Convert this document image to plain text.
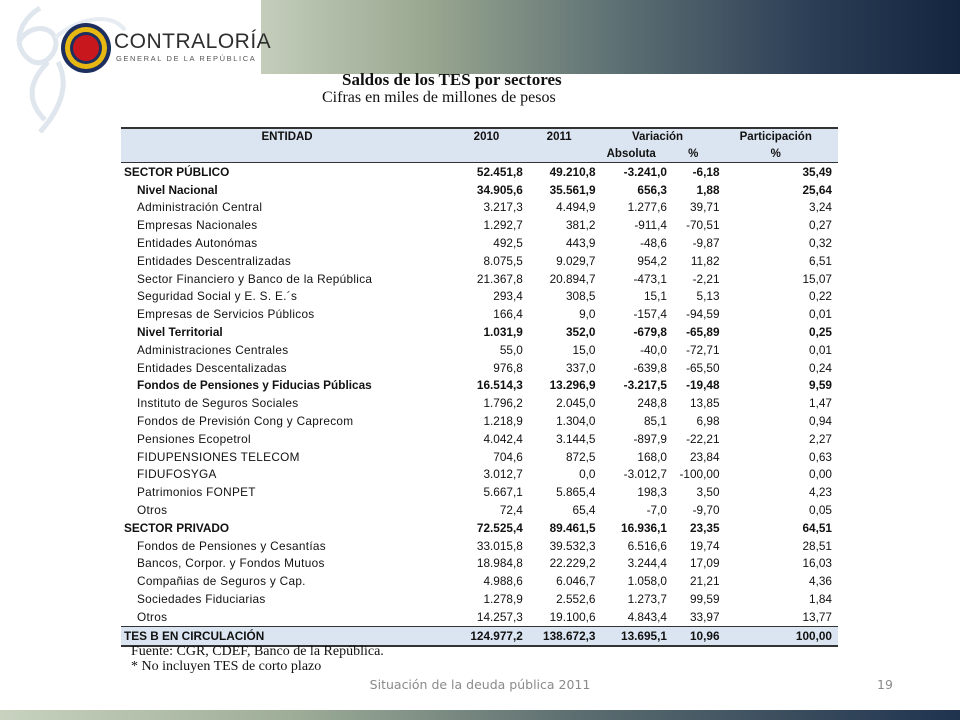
CONTRALORÍA
GENERAL DE LA REPÚBLICA
Saldos de los TES por sectores
Cifras en miles de millones de pesos
ENTIDAD	2010	2011	Variación		Participación
			Absoluta	%	%
SECTOR PÚBLICO	52.451,8	49.210,8	-3.241,0	-6,18	35,49
Nivel Nacional	34.905,6	35.561,9	656,3	1,88	25,64
Administración Central	3.217,3	4.494,9	1.277,6	39,71	3,24
Empresas Nacionales	1.292,7	381,2	-911,4	-70,51	0,27
Entidades Autonómas	492,5	443,9	-48,6	-9,87	0,32
Entidades Descentralizadas	8.075,5	9.029,7	954,2	11,82	6,51
Sector Financiero y Banco de la República	21.367,8	20.894,7	-473,1	-2,21	15,07
Seguridad Social y E. S. E.´s	293,4	308,5	15,1	5,13	0,22
Empresas de Servicios Públicos	166,4	9,0	-157,4	-94,59	0,01
Nivel Territorial	1.031,9	352,0	-679,8	-65,89	0,25
Administraciones Centrales	55,0	15,0	-40,0	-72,71	0,01
Entidades Descentalizadas	976,8	337,0	-639,8	-65,50	0,24
Fondos de Pensiones y Fiducias Públicas	16.514,3	13.296,9	-3.217,5	-19,48	9,59
Instituto de Seguros Sociales	1.796,2	2.045,0	248,8	13,85	1,47
Fondos de Previsión Cong y Caprecom	1.218,9	1.304,0	85,1	6,98	0,94
Pensiones Ecopetrol	4.042,4	3.144,5	-897,9	-22,21	2,27
FIDUPENSIONES TELECOM	704,6	872,5	168,0	23,84	0,63
FIDUFOSYGA	3.012,7	0,0	-3.012,7	-100,00	0,00
Patrimonios FONPET	5.667,1	5.865,4	198,3	3,50	4,23
Otros	72,4	65,4	-7,0	-9,70	0,05
SECTOR PRIVADO	72.525,4	89.461,5	16.936,1	23,35	64,51
Fondos de Pensiones y Cesantías	33.015,8	39.532,3	6.516,6	19,74	28,51
Bancos, Corpor. y Fondos Mutuos	18.984,8	22.229,2	3.244,4	17,09	16,03
Compañias de Seguros y Cap.	4.988,6	6.046,7	1.058,0	21,21	4,36
Sociedades Fiduciarias	1.278,9	2.552,6	1.273,7	99,59	1,84
Otros	14.257,3	19.100,6	4.843,4	33,97	13,77
TES B EN CIRCULACIÓN	124.977,2	138.672,3	13.695,1	10,96	100,00
Fuente: CGR, CDEF, Banco de la República.
* No incluyen TES de corto plazo
Situación de la deuda pública 2011	19
